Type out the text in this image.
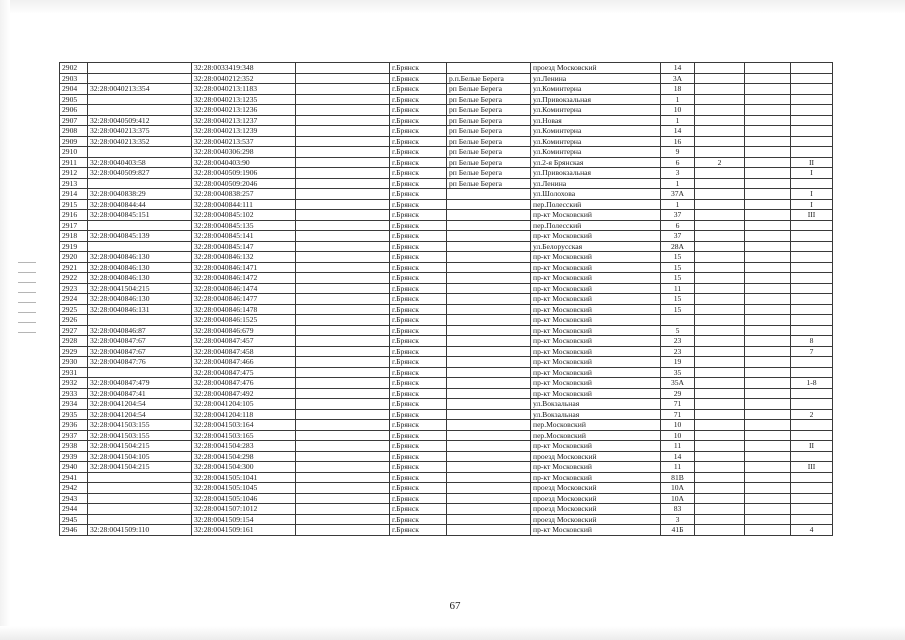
2902		32:28:0033419:348		г.Брянск		проезд Московский	14			
2903		32:28:0040212:352		г.Брянск	р.п.Белые Берега	ул.Ленина	3А			
2904	32:28:0040213:354	32:28:0040213:1183		г.Брянск	рп Белые Берега	ул.Коминтерна	18			
2905		32:28:0040213:1235		г.Брянск	рп Белые Берега	ул.Привокзальная	1			
2906		32:28:0040213:1236		г.Брянск	рп Белые Берега	ул.Коминтерна	10			
2907	32:28:0040509:412	32:28:0040213:1237		г.Брянск	рп Белые Берега	ул.Новая	1			
2908	32:28:0040213:375	32:28:0040213:1239		г.Брянск	рп Белые Берега	ул.Коминтерна	14			
2909	32:28:0040213:352	32:28:0040213:537		г.Брянск	рп Белые Берега	ул.Коминтерна	16			
2910		32:28:0040306:298		г.Брянск	рп Белые Берега	ул.Коминтерна	9			
2911	32:28:0040403:58	32:28:0040403:90		г.Брянск	рп Белые Берега	ул.2-я Брянская	6	2		II
2912	32:28:0040509:827	32:28:0040509:1906		г.Брянск	рп Белые Берега	ул.Привокзальная	3			I
2913		32:28:0040509:2046		г.Брянск	рп Белые Берега	ул.Ленина	1			
2914	32:28:0040838:29	32:28:0040838:257		г.Брянск		ул.Шолохова	37А			I
2915	32:28:0040844:44	32:28:0040844:111		г.Брянск		пер.Полесский	1			I
2916	32:28:0040845:151	32:28:0040845:102		г.Брянск		пр-кт Московский	37			III
2917		32:28:0040845:135		г.Брянск		пер.Полесский	6			
2918	32:28:0040845:139	32:28:0040845:141		г.Брянск		пр-кт Московский	37			
2919		32:28:0040845:147		г.Брянск		ул.Белорусская	28А			
2920	32:28:0040846:130	32:28:0040846:132		г.Брянск		пр-кт Московский	15			
2921	32:28:0040846:130	32:28:0040846:1471		г.Брянск		пр-кт Московский	15			
2922	32:28:0040846:130	32:28:0040846:1472		г.Брянск		пр-кт Московский	15			
2923	32:28:0041504:215	32:28:0040846:1474		г.Брянск		пр-кт Московский	11			
2924	32:28:0040846:130	32:28:0040846:1477		г.Брянск		пр-кт Московский	15			
2925	32:28:0040846:131	32:28:0040846:1478		г.Брянск		пр-кт Московский	15			
2926		32:28:0040846:1525		г.Брянск		пр-кт Московский				
2927	32:28:0040846:87	32:28:0040846:679		г.Брянск		пр-кт Московский	5			
2928	32:28:0040847:67	32:28:0040847:457		г.Брянск		пр-кт Московский	23			8
2929	32:28:0040847:67	32:28:0040847:458		г.Брянск		пр-кт Московский	23			7
2930	32:28:0040847:76	32:28:0040847:466		г.Брянск		пр-кт Московский	19			
2931		32:28:0040847:475		г.Брянск		пр-кт Московский	35			
2932	32:28:0040847:479	32:28:0040847:476		г.Брянск		пр-кт Московский	35А			1-8
2933	32:28:0040847:41	32:28:0040847:492		г.Брянск		пр-кт Московский	29			
2934	32:28:0041204:54	32:28:0041204:105		г.Брянск		ул.Вокзальная	71			
2935	32:28:0041204:54	32:28:0041204:118		г.Брянск		ул.Вокзальная	71			2
2936	32:28:0041503:155	32:28:0041503:164		г.Брянск		пер.Московский	10			
2937	32:28:0041503:155	32:28:0041503:165		г.Брянск		пер.Московский	10			
2938	32:28:0041504:215	32:28:0041504:283		г.Брянск		пр-кт Московский	11			II
2939	32:28:0041504:105	32:28:0041504:298		г.Брянск		проезд Московский	14			
2940	32:28:0041504:215	32:28:0041504:300		г.Брянск		пр-кт Московский	11			III
2941		32:28:0041505:1041		г.Брянск		пр-кт Московский	81В			
2942		32:28:0041505:1045		г.Брянск		проезд Московский	10А			
2943		32:28:0041505:1046		г.Брянск		проезд Московский	10А			
2944		32:28:0041507:1012		г.Брянск		проезд Московский	83			
2945		32:28:0041509:154		г.Брянск		проезд Московский	3			
2946	32:28:0041509:110	32:28:0041509:161		г.Брянск		пр-кт Московский	41Б			4
67
